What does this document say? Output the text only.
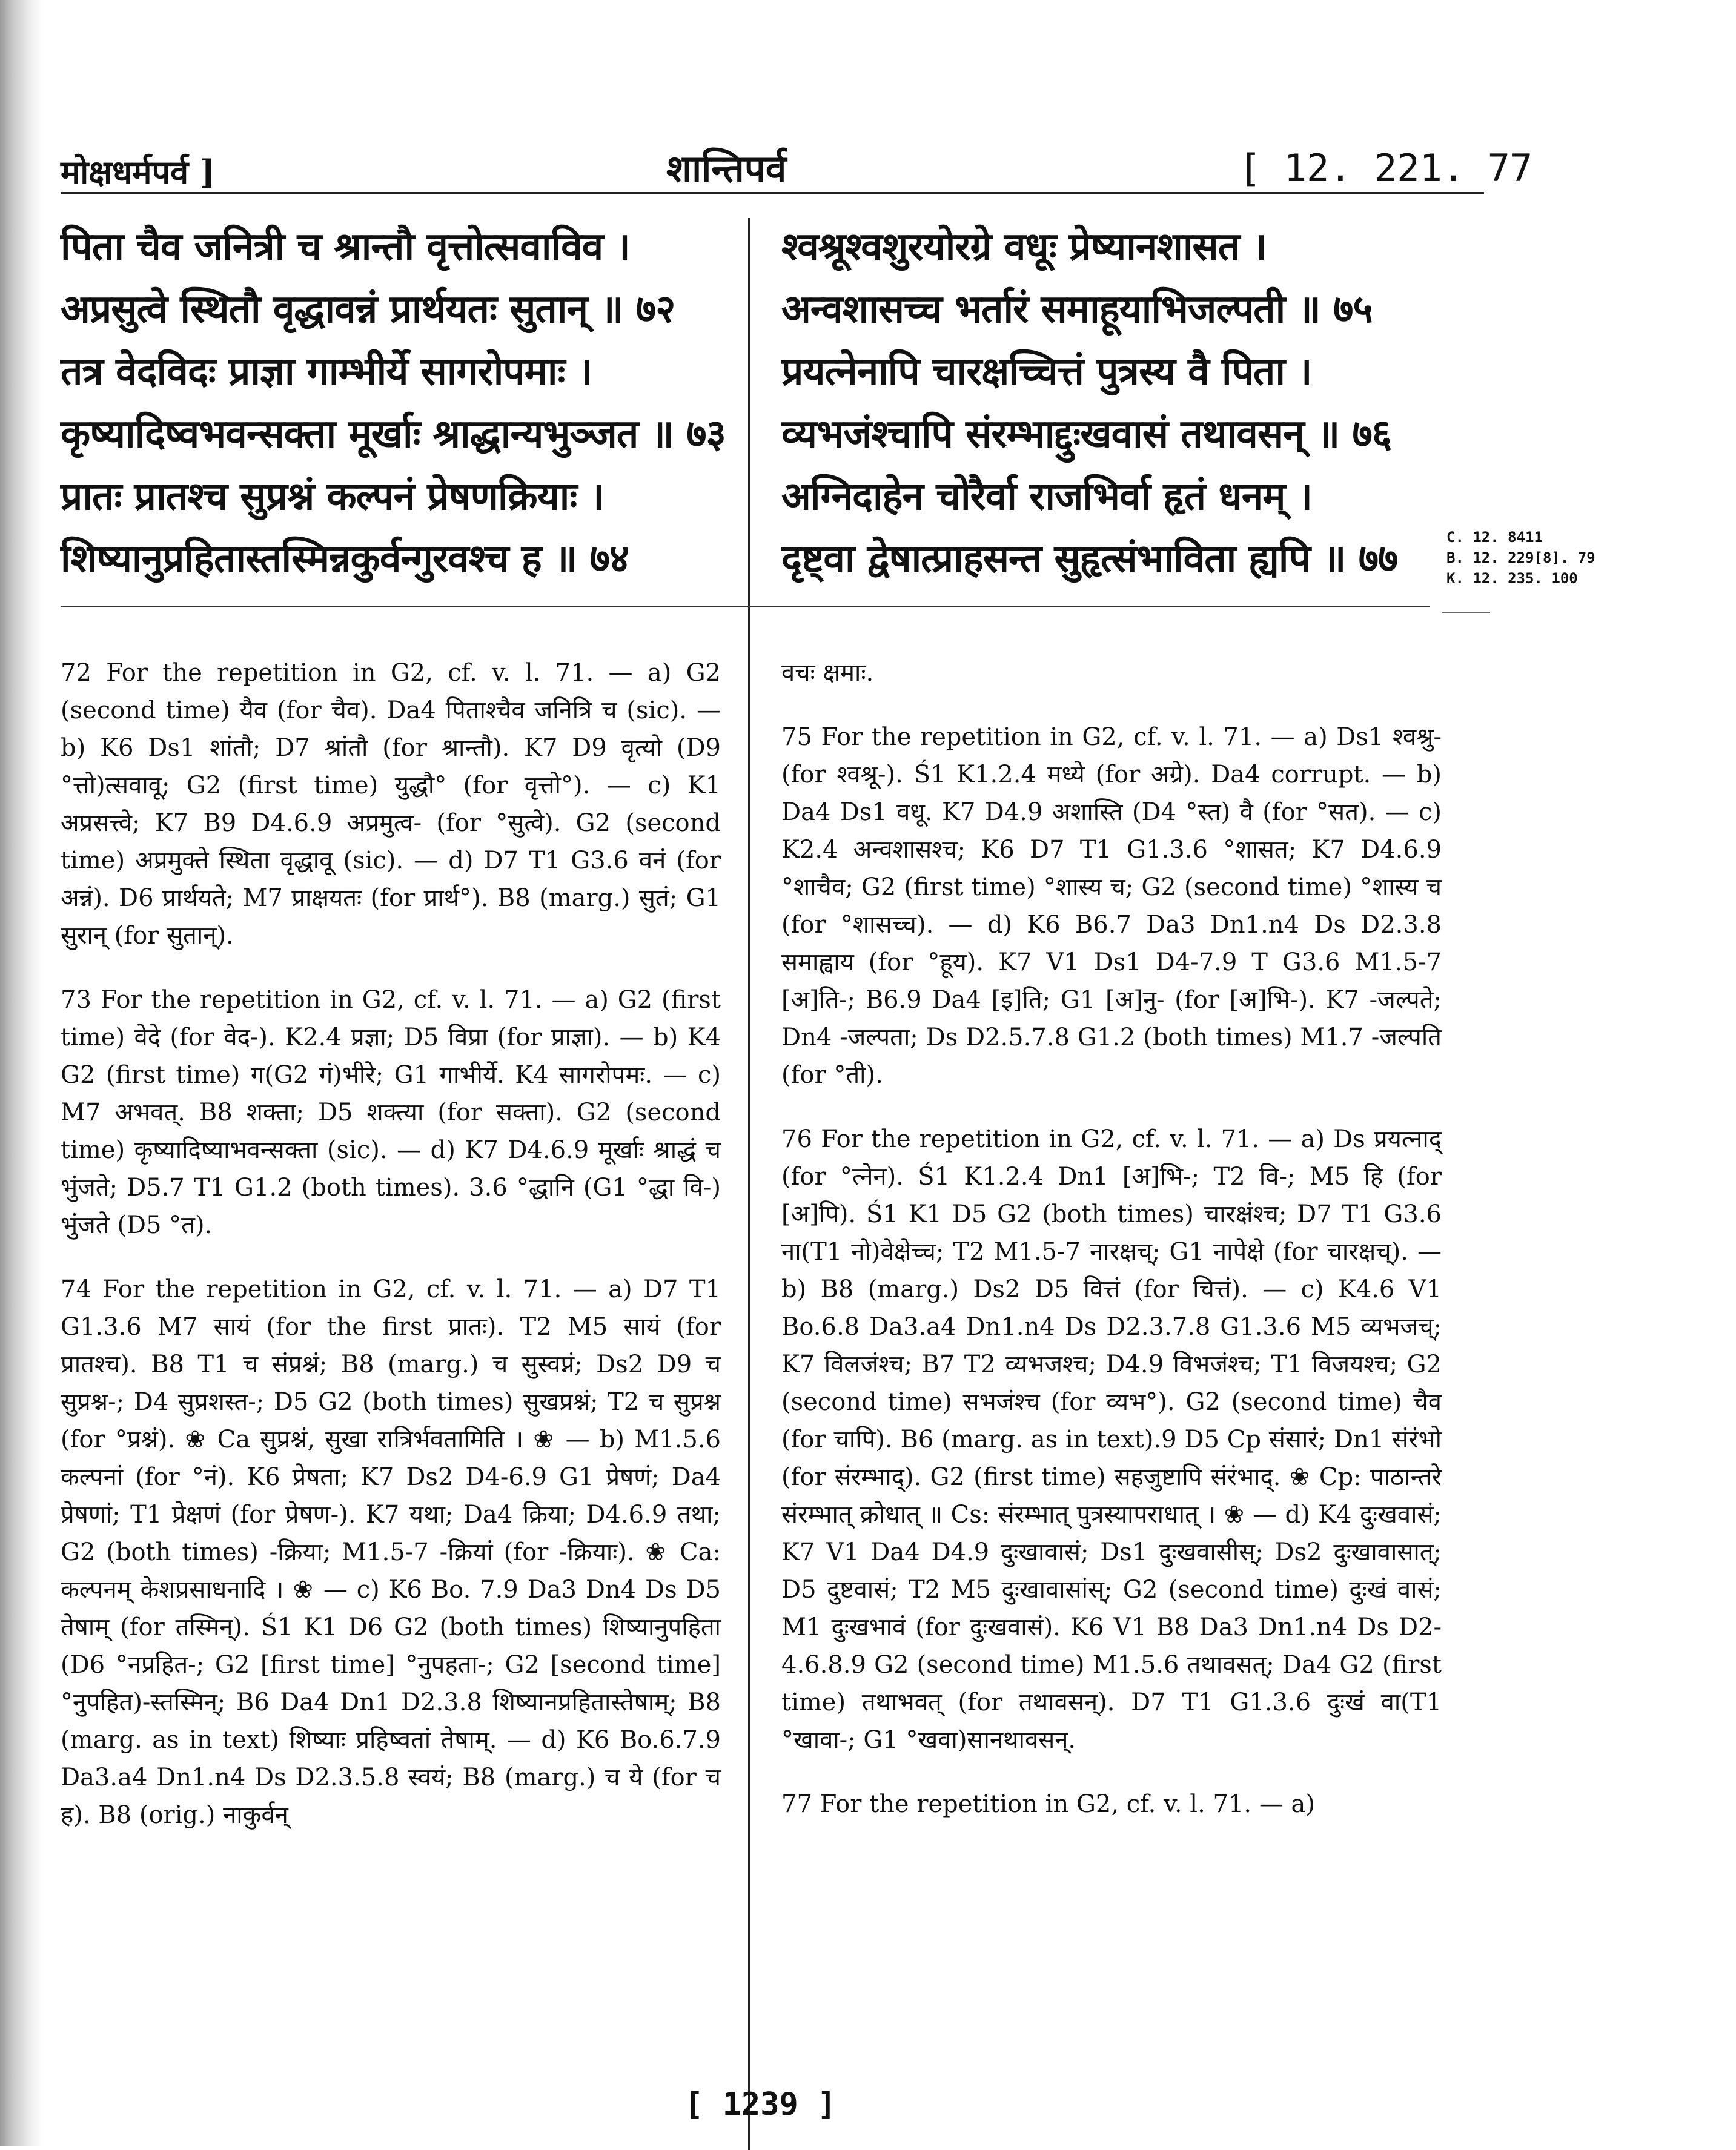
मोक्षधर्मपर्व ]	शान्तिपर्व	[ 12. 221. 77
पिता चैव जनित्री च श्रान्तौ वृत्तोत्सवाविव ।
अप्रसुत्वे स्थितौ वृद्धावन्नं प्रार्थयतः सुतान् ॥ ७२
तत्र वेदविदः प्राज्ञा गाम्भीर्ये सागरोपमाः ।
कृष्यादिष्वभवन्सक्ता मूर्खाः श्राद्धान्यभुञ्जत ॥ ७३
प्रातः प्रातश्च सुप्रश्नं कल्पनं प्रेषणक्रियाः ।
शिष्यानुप्रहितास्तस्मिन्नकुर्वन्गुरवश्च ह ॥ ७४
श्वश्रूश्वशुरयोरग्रे वधूः प्रेष्यानशासत ।
अन्वशासच्च भर्तारं समाहूयाभिजल्पती ॥ ७५
प्रयत्नेनापि चारक्षच्चित्तं पुत्रस्य वै पिता ।
व्यभजंश्चापि संरम्भाद्दुःखवासं तथावसन् ॥ ७६
अग्निदाहेन चोरैर्वा राजभिर्वा हृतं धनम् ।
दृष्ट्वा द्वेषात्प्राहसन्त सुहृत्संभाविता ह्यपि ॥ ७७	C. 12. 8411
B. 12. 229[8]. 79
K. 12. 235. 100

72 For the repetition in G2, cf. v. l. 71. — a) G2 (second time) यैव (for चैव). Da4 पिताश्चैव जनित्रि च (sic). — b) K6 Ds1 शांतौ; D7 श्रांतौ (for श्रान्तौ). K7 D9 वृत्यो (D9 °त्तो)त्सवावू; G2 (first time) युद्धौ° (for वृत्तो°). — c) K1 अप्रसत्त्वे; K7 B9 D4.6.9 अप्रमुत्व- (for °सुत्वे). G2 (second time) अप्रमुक्ते स्थिता वृद्धावू (sic). — d) D7 T1 G3.6 वनं (for अन्नं). D6 प्रार्थयते; M7 प्राक्षयतः (for प्रार्थ°). B8 (marg.) सुतं; G1 सुरान् (for सुतान्).

73 For the repetition in G2, cf. v. l. 71. — a) G2 (first time) वेदे (for वेद-). K2.4 प्रज्ञा; D5 विप्रा (for प्राज्ञा). — b) K4 G2 (first time) ग(G2 गं)भीरे; G1 गाभीर्ये. K4 सागरोपमः. — c) M7 अभवत्. B8 शक्ता; D5 शक्त्या (for सक्ता). G2 (second time) कृष्यादिष्याभवन्सक्ता (sic). — d) K7 D4.6.9 मूर्खाः श्राद्धं च भुंजते; D5.7 T1 G1.2 (both times). 3.6 °द्धानि (G1 °द्धा वि-) भुंजते (D5 °त).

74 For the repetition in G2, cf. v. l. 71. — a) D7 T1 G1.3.6 M7 सायं (for the first प्रातः). T2 M5 सायं (for प्रातश्च). B8 T1 च संप्रश्नं; B8 (marg.) च सुस्वप्नं; Ds2 D9 च सुप्रश्न-; D4 सुप्रशस्त-; D5 G2 (both times) सुखप्रश्नं; T2 च सुप्रश्न (for °प्रश्नं). ❀ Ca सुप्रश्नं, सुखा रात्रिर्भवतामिति । ❀ — b) M1.5.6 कल्पनां (for °नं). K6 प्रेषता; K7 Ds2 D4-6.9 G1 प्रेषणं; Da4 प्रेषणां; T1 प्रेक्षणं (for प्रेषण-). K7 यथा; Da4 क्रिया; D4.6.9 तथा; G2 (both times) -क्रिया; M1.5-7 -क्रियां (for -क्रियाः). ❀ Ca: कल्पनम् केशप्रसाधनादि । ❀ — c) K6 Bo. 7.9 Da3 Dn4 Ds D5 तेषाम् (for तस्मिन्). Ś1 K1 D6 G2 (both times) शिष्यानुपहिता (D6 °नप्रहित-; G2 [first time] °नुपहता-; G2 [second time] °नुपहित)-स्तस्मिन्; B6 Da4 Dn1 D2.3.8 शिष्यानप्रहितास्तेषाम्; B8 (marg. as in text) शिष्याः प्रहिष्वतां तेषाम्. — d) K6 Bo.6.7.9 Da3.a4 Dn1.n4 Ds D2.3.5.8 स्वयं; B8 (marg.) च ये (for च ह). B8 (orig.) नाकुर्वन्

वचः क्षमाः.

75 For the repetition in G2, cf. v. l. 71. — a) Ds1 श्वश्रु- (for श्वश्रू-). Ś1 K1.2.4 मध्ये (for अग्रे). Da4 corrupt. — b) Da4 Ds1 वधू. K7 D4.9 अशास्ति (D4 °स्त) वै (for °सत). — c) K2.4 अन्वशासश्च; K6 D7 T1 G1.3.6 °शासत; K7 D4.6.9 °शाचैव; G2 (first time) °शास्य च; G2 (second time) °शास्य च (for °शासच्च). — d) K6 B6.7 Da3 Dn1.n4 Ds D2.3.8 समाह्वाय (for °हूय). K7 V1 Ds1 D4-7.9 T G3.6 M1.5-7 [अ]ति-; B6.9 Da4 [इ]ति; G1 [अ]नु- (for [अ]भि-). K7 -जल्पते; Dn4 -जल्पता; Ds D2.5.7.8 G1.2 (both times) M1.7 -जल्पति (for °ती).

76 For the repetition in G2, cf. v. l. 71. — a) Ds प्रयत्नाद् (for °त्नेन). Ś1 K1.2.4 Dn1 [अ]भि-; T2 वि-; M5 हि (for [अ]पि). Ś1 K1 D5 G2 (both times) चारक्षंश्च; D7 T1 G3.6 ना(T1 नो)वेक्षेच्च; T2 M1.5-7 नारक्षच्; G1 नापेक्षे (for चारक्षच्). — b) B8 (marg.) Ds2 D5 वित्तं (for चित्तं). — c) K4.6 V1 Bo.6.8 Da3.a4 Dn1.n4 Ds D2.3.7.8 G1.3.6 M5 व्यभजच्; K7 विलजंश्च; B7 T2 व्यभजश्च; D4.9 विभजंश्च; T1 विजयश्च; G2 (second time) सभजंश्च (for व्यभ°). G2 (second time) चैव (for चापि). B6 (marg. as in text).9 D5 Cp संसारं; Dn1 संरंभो (for संरम्भाद्). G2 (first time) सहजुष्टापि संरंभाद्. ❀ Cp: पाठान्तरे संरम्भात् क्रोधात् ॥ Cs: संरम्भात् पुत्रस्यापराधात् । ❀ — d) K4 दुःखवासं; K7 V1 Da4 D4.9 दुःखावासं; Ds1 दुःखवासीस्; Ds2 दुःखावासात्; D5 दुष्टवासं; T2 M5 दुःखावासांस्; G2 (second time) दुःखं वासं; M1 दुःखभावं (for दुःखवासं). K6 V1 B8 Da3 Dn1.n4 Ds D2-4.6.8.9 G2 (second time) M1.5.6 तथावसत्; Da4 G2 (first time) तथाभवत् (for तथावसन्). D7 T1 G1.3.6 दुःखं वा(T1 °खावा-; G1 °खवा)सानथावसन्.

77 For the repetition in G2, cf. v. l. 71. — a)

[ 1239 ]
